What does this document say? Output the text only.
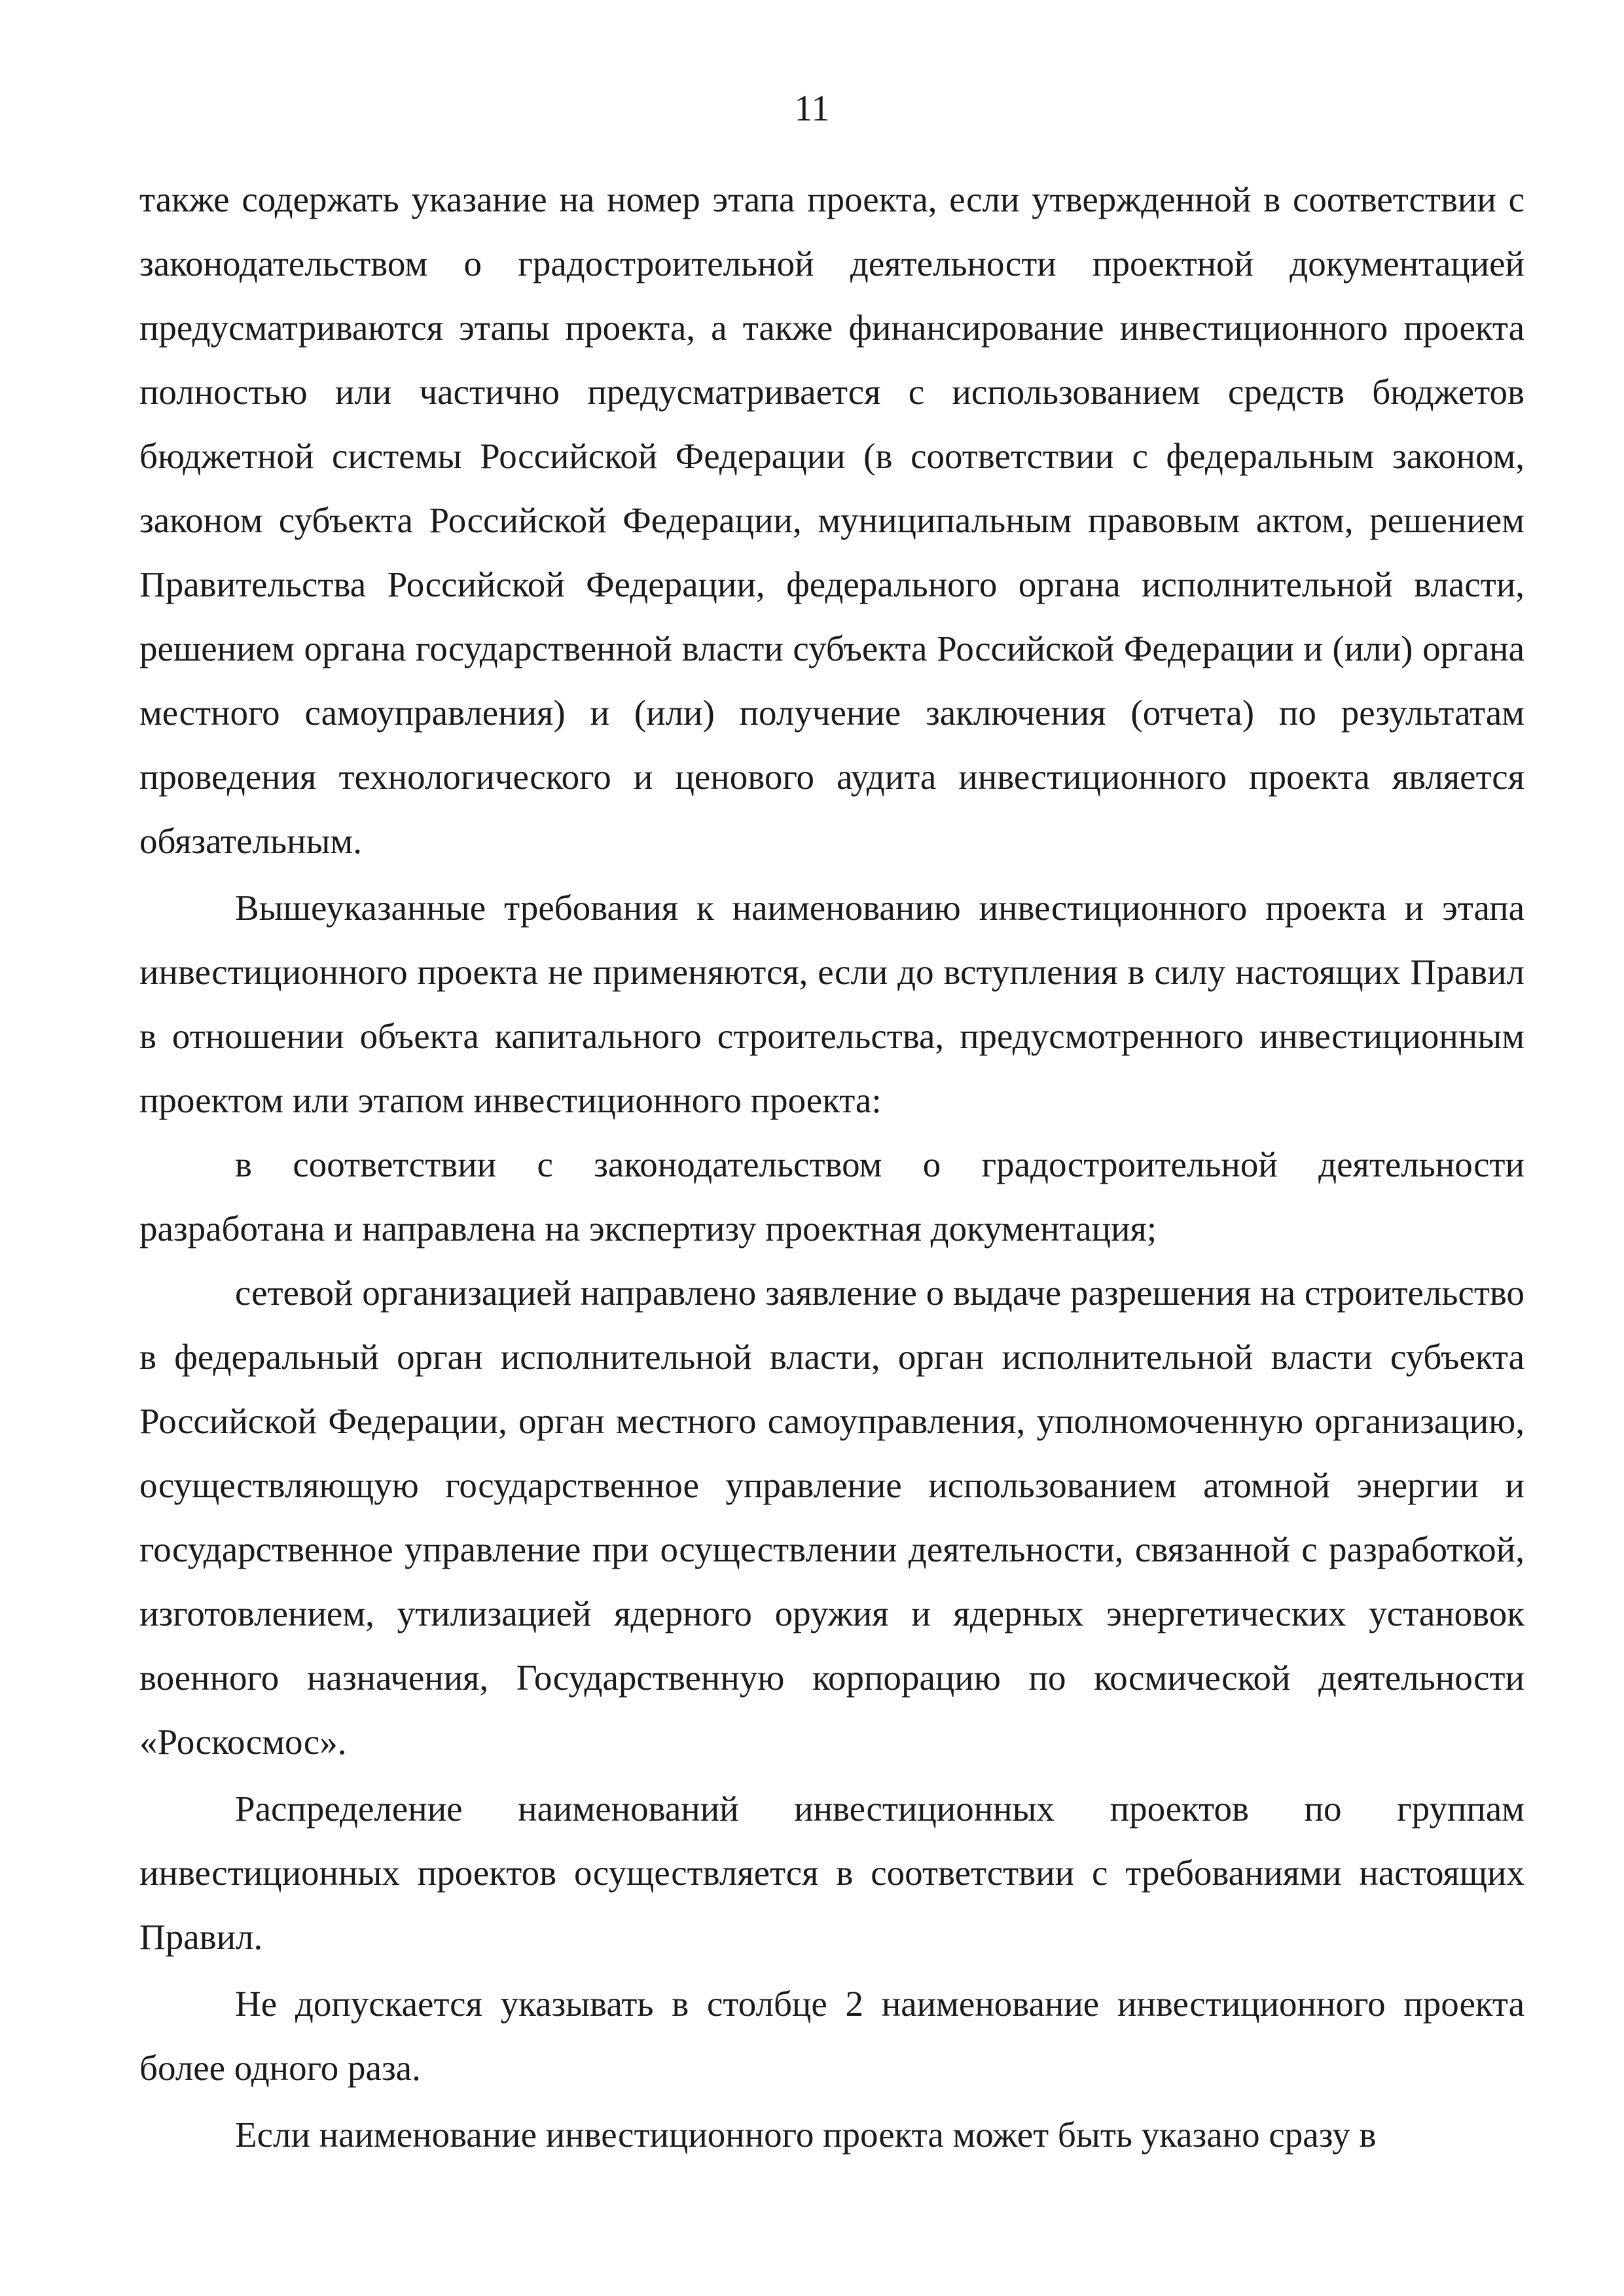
11

также содержать указание на номер этапа проекта, если утвержденной в соответствии с законодательством о градостроительной деятельности проектной документацией предусматриваются этапы проекта, а также финансирование инвестиционного проекта полностью или частично предусматривается с использованием средств бюджетов бюджетной системы Российской Федерации (в соответствии с федеральным законом, законом субъекта Российской Федерации, муниципальным правовым актом, решением Правительства Российской Федерации, федерального органа исполнительной власти, решением органа государственной власти субъекта Российской Федерации и (или) органа местного самоуправления) и (или) получение заключения (отчета) по результатам проведения технологического и ценового аудита инвестиционного проекта является обязательным.

Вышеуказанные требования к наименованию инвестиционного проекта и этапа инвестиционного проекта не применяются, если до вступления в силу настоящих Правил в отношении объекта капитального строительства, предусмотренного инвестиционным проектом или этапом инвестиционного проекта:

в соответствии с законодательством о градостроительной деятельности разработана и направлена на экспертизу проектная документация;

сетевой организацией направлено заявление о выдаче разрешения на строительство в федеральный орган исполнительной власти, орган исполнительной власти субъекта Российской Федерации, орган местного самоуправления, уполномоченную организацию, осуществляющую государственное управление использованием атомной энергии и государственное управление при осуществлении деятельности, связанной с разработкой, изготовлением, утилизацией ядерного оружия и ядерных энергетических установок военного назначения, Государственную корпорацию по космической деятельности «Роскосмос».

Распределение наименований инвестиционных проектов по группам инвестиционных проектов осуществляется в соответствии с требованиями настоящих Правил.

Не допускается указывать в столбце 2 наименование инвестиционного проекта более одного раза.

Если наименование инвестиционного проекта может быть указано сразу в
